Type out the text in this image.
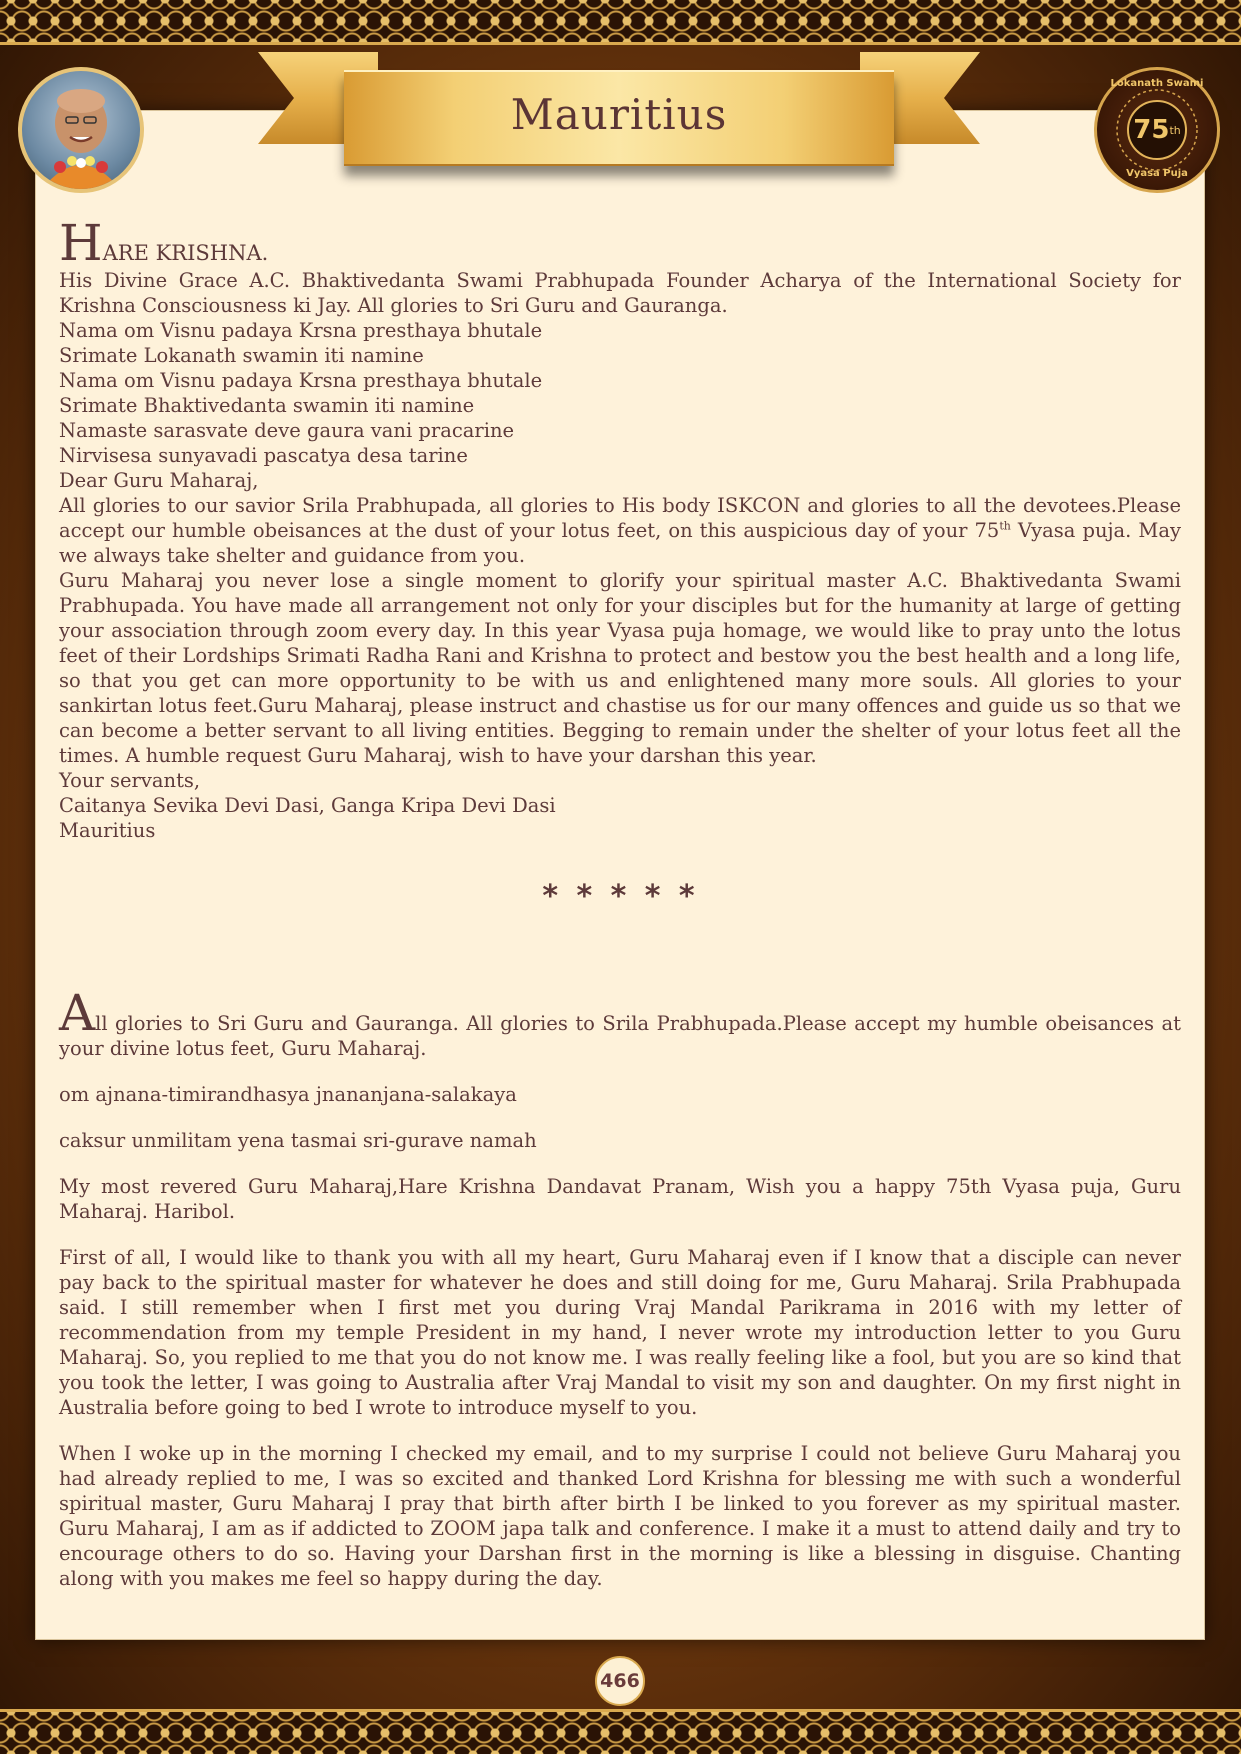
Mauritius	75 th
Lokanath Swami
Vyasa Puja
HARE KRISHNA.
His Divine Grace A.C. Bhaktivedanta Swami Prabhupada Founder Acharya of the International Society for Krishna Consciousness ki Jay. All glories to Sri Guru and Gauranga.
Nama om Visnu padaya Krsna presthaya bhutale
Srimate Lokanath swamin iti namine
Nama om Visnu padaya Krsna presthaya bhutale
Srimate Bhaktivedanta swamin iti namine
Namaste sarasvate deve gaura vani pracarine
Nirvisesa sunyavadi pascatya desa tarine
Dear Guru Maharaj,
All glories to our savior Srila Prabhupada, all glories to His body ISKCON and glories to all the devotees.Please accept our humble obeisances at the dust of your lotus feet, on this auspicious day of your 75th Vyasa puja. May we always take shelter and guidance from you.
Guru Maharaj you never lose a single moment to glorify your spiritual master A.C. Bhaktivedanta Swami Prabhupada. You have made all arrangement not only for your disciples but for the humanity at large of getting your association through zoom every day. In this year Vyasa puja homage, we would like to pray unto the lotus feet of their Lordships Srimati Radha Rani and Krishna to protect and bestow you the best health and a long life, so that you get can more opportunity to be with us and enlightened many more souls. All glories to your sankirtan lotus feet.Guru Maharaj, please instruct and chastise us for our many offences and guide us so that we can become a better servant to all living entities. Begging to remain under the shelter of your lotus feet all the times. A humble request Guru Maharaj, wish to have your darshan this year.
Your servants,
Caitanya Sevika Devi Dasi, Ganga Kripa Devi Dasi
Mauritius
* * * * *
All glories to Sri Guru and Gauranga. All glories to Srila Prabhupada.Please accept my humble obeisances at your divine lotus feet, Guru Maharaj.
om ajnana-timirandhasya jnananjana-salakaya
caksur unmilitam yena tasmai sri-gurave namah
My most revered Guru Maharaj,Hare Krishna Dandavat Pranam, Wish you a happy 75th Vyasa puja, Guru Maharaj. Haribol.
First of all, I would like to thank you with all my heart, Guru Maharaj even if I know that a disciple can never pay back to the spiritual master for whatever he does and still doing for me, Guru Maharaj. Srila Prabhupada said. I still remember when I first met you during Vraj Mandal Parikrama in 2016 with my letter of recommendation from my temple President in my hand, I never wrote my introduction letter to you Guru Maharaj. So, you replied to me that you do not know me. I was really feeling like a fool, but you are so kind that you took the letter, I was going to Australia after Vraj Mandal to visit my son and daughter. On my first night in Australia before going to bed I wrote to introduce myself to you.
When I woke up in the morning I checked my email, and to my surprise I could not believe Guru Maharaj you had already replied to me, I was so excited and thanked Lord Krishna for blessing me with such a wonderful spiritual master, Guru Maharaj I pray that birth after birth I be linked to you forever as my spiritual master. Guru Maharaj, I am as if addicted to ZOOM japa talk and conference. I make it a must to attend daily and try to encourage others to do so. Having your Darshan first in the morning is like a blessing in disguise. Chanting along with you makes me feel so happy during the day.
466
